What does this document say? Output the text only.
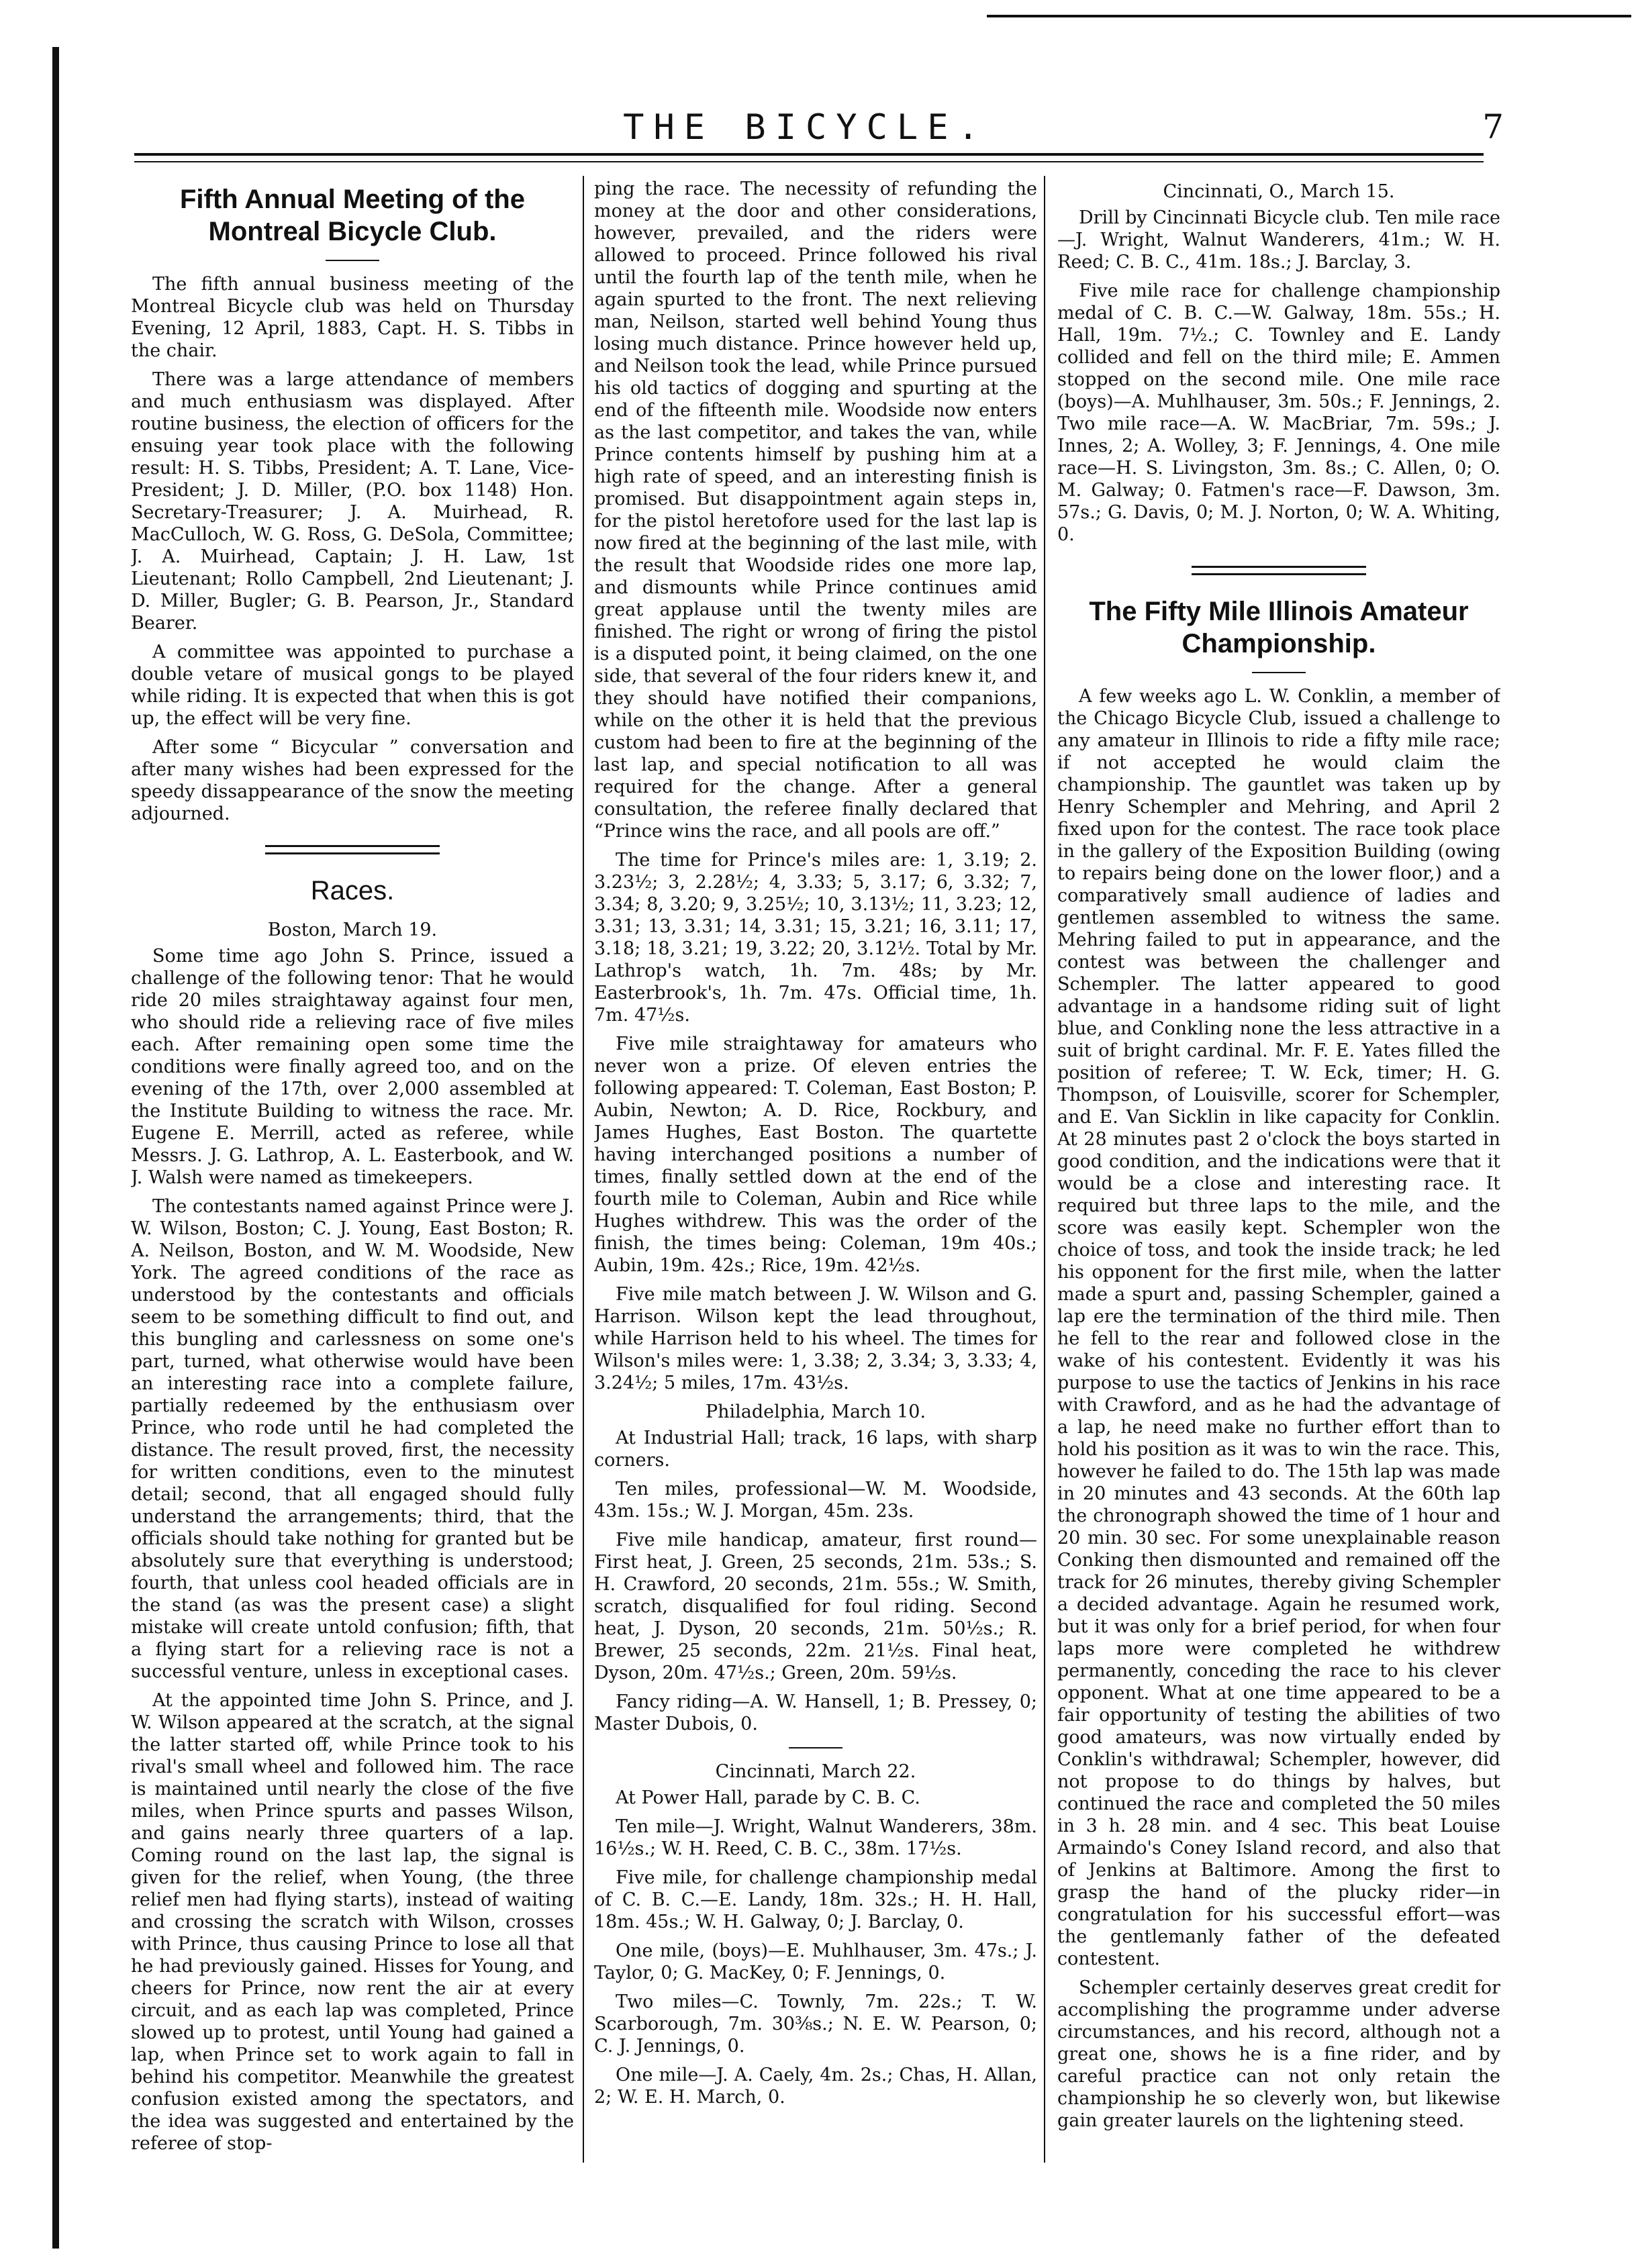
THE BICYCLE.	7
Fifth Annual Meeting of the Montreal Bicycle Club.

The fifth annual business meeting of the Montreal Bicycle club was held on Thursday Evening, 12 April, 1883, Capt. H. S. Tibbs in the chair.

There was a large attendance of members and much enthusiasm was displayed. After routine business, the election of officers for the ensuing year took place with the following result: H. S. Tibbs, President; A. T. Lane, Vice-President; J. D. Miller, (P.O. box 1148) Hon. Secretary-Treasurer; J. A. Muirhead, R. MacCulloch, W. G. Ross, G. DeSola, Committee; J. A. Muirhead, Captain; J. H. Law, 1st Lieutenant; Rollo Campbell, 2nd Lieutenant; J. D. Miller, Bugler; G. B. Pearson, Jr., Standard Bearer.

A committee was appointed to purchase a double vetare of musical gongs to be played while riding. It is expected that when this is got up, the effect will be very fine.

After some “ Bicycular ” conversation and after many wishes had been expressed for the speedy dissappearance of the snow the meeting adjourned.

Races.
Boston, March 19.

Some time ago John S. Prince, issued a challenge of the following tenor: That he would ride 20 miles straightaway against four men, who should ride a relieving race of five miles each. After remaining open some time the conditions were finally agreed too, and on the evening of the 17th, over 2,000 assembled at the Institute Building to witness the race. Mr. Eugene E. Merrill, acted as referee, while Messrs. J. G. Lathrop, A. L. Easterbook, and W. J. Walsh were named as timekeepers.

The contestants named against Prince were J. W. Wilson, Boston; C. J. Young, East Boston; R. A. Neilson, Boston, and W. M. Woodside, New York. The agreed conditions of the race as understood by the contestants and officials seem to be something difficult to find out, and this bungling and carlessness on some one's part, turned, what otherwise would have been an interesting race into a complete failure, partially redeemed by the enthusiasm over Prince, who rode until he had completed the distance. The result proved, first, the necessity for written conditions, even to the minutest detail; second, that all engaged should fully understand the arrangements; third, that the officials should take nothing for granted but be absolutely sure that everything is understood; fourth, that unless cool headed officials are in the stand (as was the present case) a slight mistake will create untold confusion; fifth, that a flying start for a relieving race is not a successful venture, unless in exceptional cases.

At the appointed time John S. Prince, and J. W. Wilson appeared at the scratch, at the signal the latter started off, while Prince took to his rival's small wheel and followed him. The race is maintained until nearly the close of the five miles, when Prince spurts and passes Wilson, and gains nearly three quarters of a lap. Coming round on the last lap, the signal is given for the relief, when Young, (the three relief men had flying starts), instead of waiting and crossing the scratch with Wilson, crosses with Prince, thus causing Prince to lose all that he had previously gained. Hisses for Young, and cheers for Prince, now rent the air at every circuit, and as each lap was completed, Prince slowed up to protest, until Young had gained a lap, when Prince set to work again to fall in behind his competitor. Meanwhile the greatest confusion existed among the spectators, and the idea was suggested and entertained by the referee of stop-

ping the race. The necessity of refunding the money at the door and other considerations, however, prevailed, and the riders were allowed to proceed. Prince followed his rival until the fourth lap of the tenth mile, when he again spurted to the front. The next relieving man, Neilson, started well behind Young thus losing much distance. Prince however held up, and Neilson took the lead, while Prince pursued his old tactics of dogging and spurting at the end of the fifteenth mile. Woodside now enters as the last competitor, and takes the van, while Prince contents himself by pushing him at a high rate of speed, and an interesting finish is promised. But disappointment again steps in, for the pistol heretofore used for the last lap is now fired at the beginning of the last mile, with the result that Woodside rides one more lap, and dismounts while Prince continues amid great applause until the twenty miles are finished. The right or wrong of firing the pistol is a disputed point, it being claimed, on the one side, that several of the four riders knew it, and they should have notified their companions, while on the other it is held that the previous custom had been to fire at the beginning of the last lap, and special notification to all was required for the change. After a general consultation, the referee finally declared that “Prince wins the race, and all pools are off.”

The time for Prince's miles are: 1, 3.19; 2. 3.23½; 3, 2.28½; 4, 3.33; 5, 3.17; 6, 3.32; 7, 3.34; 8, 3.20; 9, 3.25½; 10, 3.13½; 11, 3.23; 12, 3.31; 13, 3.31; 14, 3.31; 15, 3.21; 16, 3.11; 17, 3.18; 18, 3.21; 19, 3.22; 20, 3.12½. Total by Mr. Lathrop's watch, 1h. 7m. 48s; by Mr. Easterbrook's, 1h. 7m. 47s. Official time, 1h. 7m. 47½s.

Five mile straightaway for amateurs who never won a prize. Of eleven entries the following appeared: T. Coleman, East Boston; P. Aubin, Newton; A. D. Rice, Rockbury, and James Hughes, East Boston. The quartette having interchanged positions a number of times, finally settled down at the end of the fourth mile to Coleman, Aubin and Rice while Hughes withdrew. This was the order of the finish, the times being: Coleman, 19m 40s.; Aubin, 19m. 42s.; Rice, 19m. 42½s.

Five mile match between J. W. Wilson and G. Harrison. Wilson kept the lead throughout, while Harrison held to his wheel. The times for Wilson's miles were: 1, 3.38; 2, 3.34; 3, 3.33; 4, 3.24½; 5 miles, 17m. 43½s.

Philadelphia, March 10.

At Industrial Hall; track, 16 laps, with sharp corners.

Ten miles, professional—W. M. Woodside, 43m. 15s.; W. J. Morgan, 45m. 23s.

Five mile handicap, amateur, first round—First heat, J. Green, 25 seconds, 21m. 53s.; S. H. Crawford, 20 seconds, 21m. 55s.; W. Smith, scratch, disqualified for foul riding. Second heat, J. Dyson, 20 seconds, 21m. 50½s.; R. Brewer, 25 seconds, 22m. 21½s. Final heat, Dyson, 20m. 47½s.; Green, 20m. 59½s.

Fancy riding—A. W. Hansell, 1; B. Pressey, 0; Master Dubois, 0.

Cincinnati, March 22.

At Power Hall, parade by C. B. C.

Ten mile—J. Wright, Walnut Wanderers, 38m. 16½s.; W. H. Reed, C. B. C., 38m. 17½s.

Five mile, for challenge championship medal of C. B. C.—E. Landy, 18m. 32s.; H. H. Hall, 18m. 45s.; W. H. Galway, 0; J. Barclay, 0.

One mile, (boys)—E. Muhlhauser, 3m. 47s.; J. Taylor, 0; G. MacKey, 0; F. Jennings, 0.

Two miles—C. Townly, 7m. 22s.; T. W. Scarborough, 7m. 30⅜s.; N. E. W. Pearson, 0; C. J. Jennings, 0.

One mile—J. A. Caely, 4m. 2s.; Chas, H. Allan, 2; W. E. H. March, 0.

Cincinnati, O., March 15.

Drill by Cincinnati Bicycle club. Ten mile race—J. Wright, Walnut Wanderers, 41m.; W. H. Reed; C. B. C., 41m. 18s.; J. Barclay, 3.

Five mile race for challenge championship medal of C. B. C.—W. Galway, 18m. 55s.; H. Hall, 19m. 7½.; C. Townley and E. Landy collided and fell on the third mile; E. Ammen stopped on the second mile. One mile race (boys)—A. Muhlhauser, 3m. 50s.; F. Jennings, 2. Two mile race—A. W. MacBriar, 7m. 59s.; J. Innes, 2; A. Wolley, 3; F. Jennings, 4. One mile race—H. S. Livingston, 3m. 8s.; C. Allen, 0; O. M. Galway; 0. Fatmen's race—F. Dawson, 3m. 57s.; G. Davis, 0; M. J. Norton, 0; W. A. Whiting, 0.

The Fifty Mile Illinois Amateur Championship.

A few weeks ago L. W. Conklin, a member of the Chicago Bicycle Club, issued a challenge to any amateur in Illinois to ride a fifty mile race; if not accepted he would claim the championship. The gauntlet was taken up by Henry Schempler and Mehring, and April 2 fixed upon for the contest. The race took place in the gallery of the Exposition Building (owing to repairs being done on the lower floor,) and a comparatively small audience of ladies and gentlemen assembled to witness the same. Mehring failed to put in appearance, and the contest was between the challenger and Schempler. The latter appeared to good advantage in a handsome riding suit of light blue, and Conkling none the less attractive in a suit of bright cardinal. Mr. F. E. Yates filled the position of referee; T. W. Eck, timer; H. G. Thompson, of Louisville, scorer for Schempler, and E. Van Sicklin in like capacity for Conklin. At 28 minutes past 2 o'clock the boys started in good condition, and the indications were that it would be a close and interesting race. It required but three laps to the mile, and the score was easily kept. Schempler won the choice of toss, and took the inside track; he led his opponent for the first mile, when the latter made a spurt and, passing Schempler, gained a lap ere the termination of the third mile. Then he fell to the rear and followed close in the wake of his contestent. Evidently it was his purpose to use the tactics of Jenkins in his race with Crawford, and as he had the advantage of a lap, he need make no further effort than to hold his position as it was to win the race. This, however he failed to do. The 15th lap was made in 20 minutes and 43 seconds. At the 60th lap the chronograph showed the time of 1 hour and 20 min. 30 sec. For some unexplainable reason Conking then dismounted and remained off the track for 26 minutes, thereby giving Schempler a decided advantage. Again he resumed work, but it was only for a brief period, for when four laps more were completed he withdrew permanently, conceding the race to his clever opponent. What at one time appeared to be a fair opportunity of testing the abilities of two good amateurs, was now virtually ended by Conklin's withdrawal; Schempler, however, did not propose to do things by halves, but continued the race and completed the 50 miles in 3 h. 28 min. and 4 sec. This beat Louise Armaindo's Coney Island record, and also that of Jenkins at Baltimore. Among the first to grasp the hand of the plucky rider—in congratulation for his successful effort—was the gentlemanly father of the defeated contestent.

Schempler certainly deserves great credit for accomplishing the programme under adverse circumstances, and his record, although not a great one, shows he is a fine rider, and by careful practice can not only retain the championship he so cleverly won, but likewise gain greater laurels on the lightening steed.
